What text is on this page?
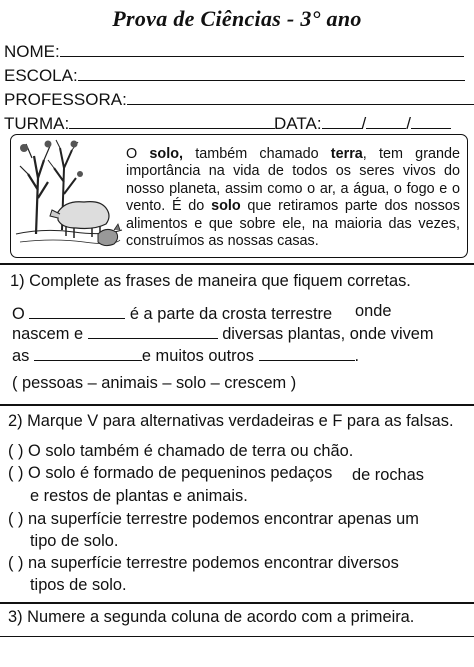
Prova de Ciências - 3° ano
NOME:
ESCOLA:
PROFESSORA:
TURMA:	DATA: / /
O solo, também chamado terra, tem grande importância na vida de todos os seres vivos do nosso planeta, assim como o ar, a água, o fogo e o vento. É do solo que retiramos parte dos nossos alimentos e que sobre ele, na maioria das vezes, construímos as nossas casas.
1) Complete as frases de maneira que fiquem corretas.
O	é a parte da crosta terrestre onde
nascem e	diversas plantas, onde vivem
as	e muitos outros	.
( pessoas – animais – solo – crescem )
2) Marque V para alternativas verdadeiras e F para as falsas.
( ) O solo também é chamado de terra ou chão.
( ) O solo é formado de pequeninos pedaços de rochas
e restos de plantas e animais.
( ) na superfície terrestre podemos encontrar apenas um
tipo de solo.
( ) na superfície terrestre podemos encontrar diversos
tipos de solo.
3) Numere a segunda coluna de acordo com a primeira.
